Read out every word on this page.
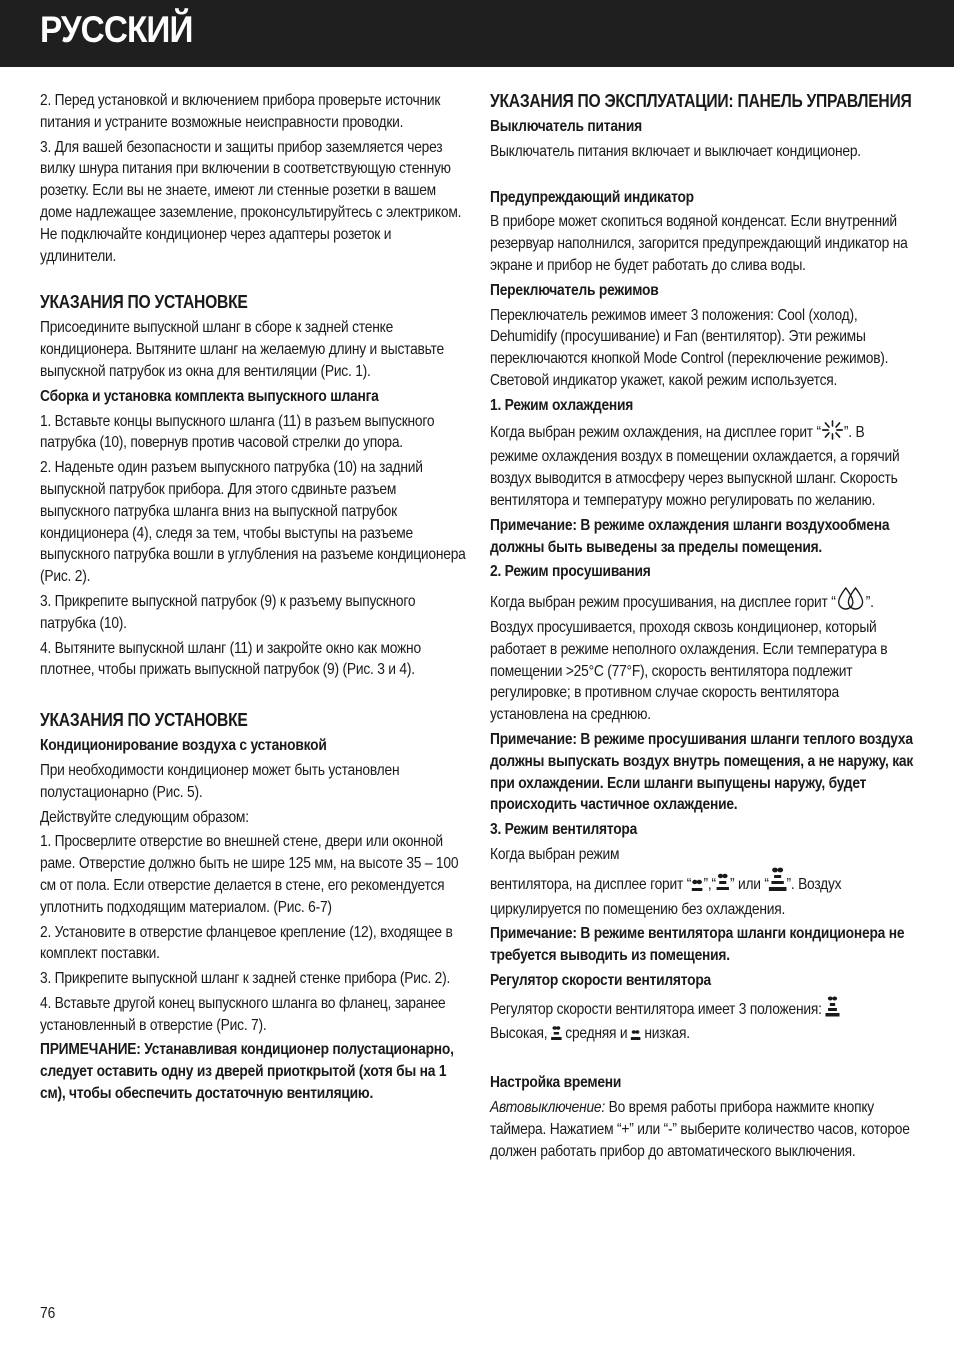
РУССКИЙ

2. Перед установкой и включением прибора проверьте источник питания и устраните возможные неисправности проводки.

3. Для вашей безопасности и защиты прибор заземляется через вилку шнура питания при включении в соответствующую стенную розетку. Если вы не знаете, имеют ли стенные розетки в вашем доме надлежащее заземление, проконсультируйтесь с электриком. Не подключайте кондиционер через адаптеры розеток и удлинители.

УКАЗАНИЯ ПО УСТАНОВКЕ

Присоедините выпускной шланг в сборе к задней стенке кондиционера. Вытяните шланг на желаемую длину и выставьте выпускной патрубок из окна для вентиляции (Рис. 1).

Сборка и установка комплекта выпускного шланга

1. Вставьте концы выпускного шланга (11) в разъем выпускного патрубка (10), повернув против часовой стрелки до упора.

2. Наденьте один разъем выпускного патрубка (10) на задний выпускной патрубок прибора. Для этого сдвиньте разъем выпускного патрубка шланга вниз на выпускной патрубок кондиционера (4), следя за тем, чтобы выступы на разъеме выпускного патрубка вошли в углубления на разъеме кондиционера (Рис. 2).

3. Прикрепите выпускной патрубок (9) к разъему выпускного патрубка (10).

4. Вытяните выпускной шланг (11) и закройте окно как можно плотнее, чтобы прижать выпускной патрубок (9) (Рис. 3 и 4).

УКАЗАНИЯ ПО УСТАНОВКЕ
Кондиционирование воздуха с установкой

При необходимости кондиционер может быть установлен полустационарно (Рис. 5).

Действуйте следующим образом:

1. Просверлите отверстие во внешней стене, двери или оконной раме. Отверстие должно быть не шире 125 мм, на высоте 35 – 100 см от пола. Если отверстие делается в стене, его рекомендуется уплотнить подходящим материалом. (Рис. 6-7)

2. Установите в отверстие фланцевое крепление (12), входящее в комплект поставки.

3. Прикрепите выпускной шланг к задней стенке прибора (Рис. 2).

4. Вставьте другой конец выпускного шланга во фланец, заранее установленный в отверстие (Рис. 7).

ПРИМЕЧАНИЕ: Устанавливая кондиционер полустационарно, следует оставить одну из дверей приоткрытой (хотя бы на 1 см), чтобы обеспечить достаточную вентиляцию.

УКАЗАНИЯ ПО ЭКСПЛУАТАЦИИ: ПАНЕЛЬ УПРАВЛЕНИЯ
Выключатель питания

Выключатель питания включает и выключает кондиционер.

Предупреждающий индикатор

В приборе может скопиться водяной конденсат. Если внутренний резервуар наполнился, загорится предупреждающий индикатор на экране и прибор не будет работать до слива воды.

Переключатель режимов

Переключатель режимов имеет 3 положения: Cool (холод), Dehumidify (просушивание) и Fan (вентилятор). Эти режимы переключаются кнопкой Mode Control (переключение режимов). Световой индикатор укажет, какой режим используется.

1. Режим охлаждения

Когда выбран режим охлаждения, на дисплее горит “ ”. В режиме охлаждения воздух в помещении охлаждается, а горячий воздух выводится в атмосферу через выпускной шланг. Скорость вентилятора и температуру можно регулировать по желанию.

Примечание: В режиме охлаждения шланги воздухообмена должны быть выведены за пределы помещения.

2. Режим просушивания

Когда выбран режим просушивания, на дисплее горит “ ”. Воздух просушивается, проходя сквозь кондиционер, который работает в режиме неполного охлаждения. Если температура в помещении >25°C (77°F), скорость вентилятора подлежит регулировке; в противном случае скорость вентилятора установлена на среднюю.

Примечание: В режиме просушивания шланги теплого воздуха должны выпускать воздух внутрь помещения, а не наружу, как при охлаждении. Если шланги выпущены наружу, будет происходить частичное охлаждение.

3. Режим вентилятора

Когда выбран режим
вентилятора, на дисплее горит “ ”,“ ” или “ ”. Воздух циркулируется по помещению без охлаждения.

Примечание: В режиме вентилятора шланги кондиционера не требуется выводить из помещения.

Регулятор скорости вентилятора

Регулятор скорости вентилятора имеет 3 положения:
Высокая, средняя и низкая.

Настройка времени

Автовыключение: Во время работы прибора нажмите кнопку таймера. Нажатием “+” или “-” выберите количество часов, которое должен работать прибор до автоматического выключения.

76
